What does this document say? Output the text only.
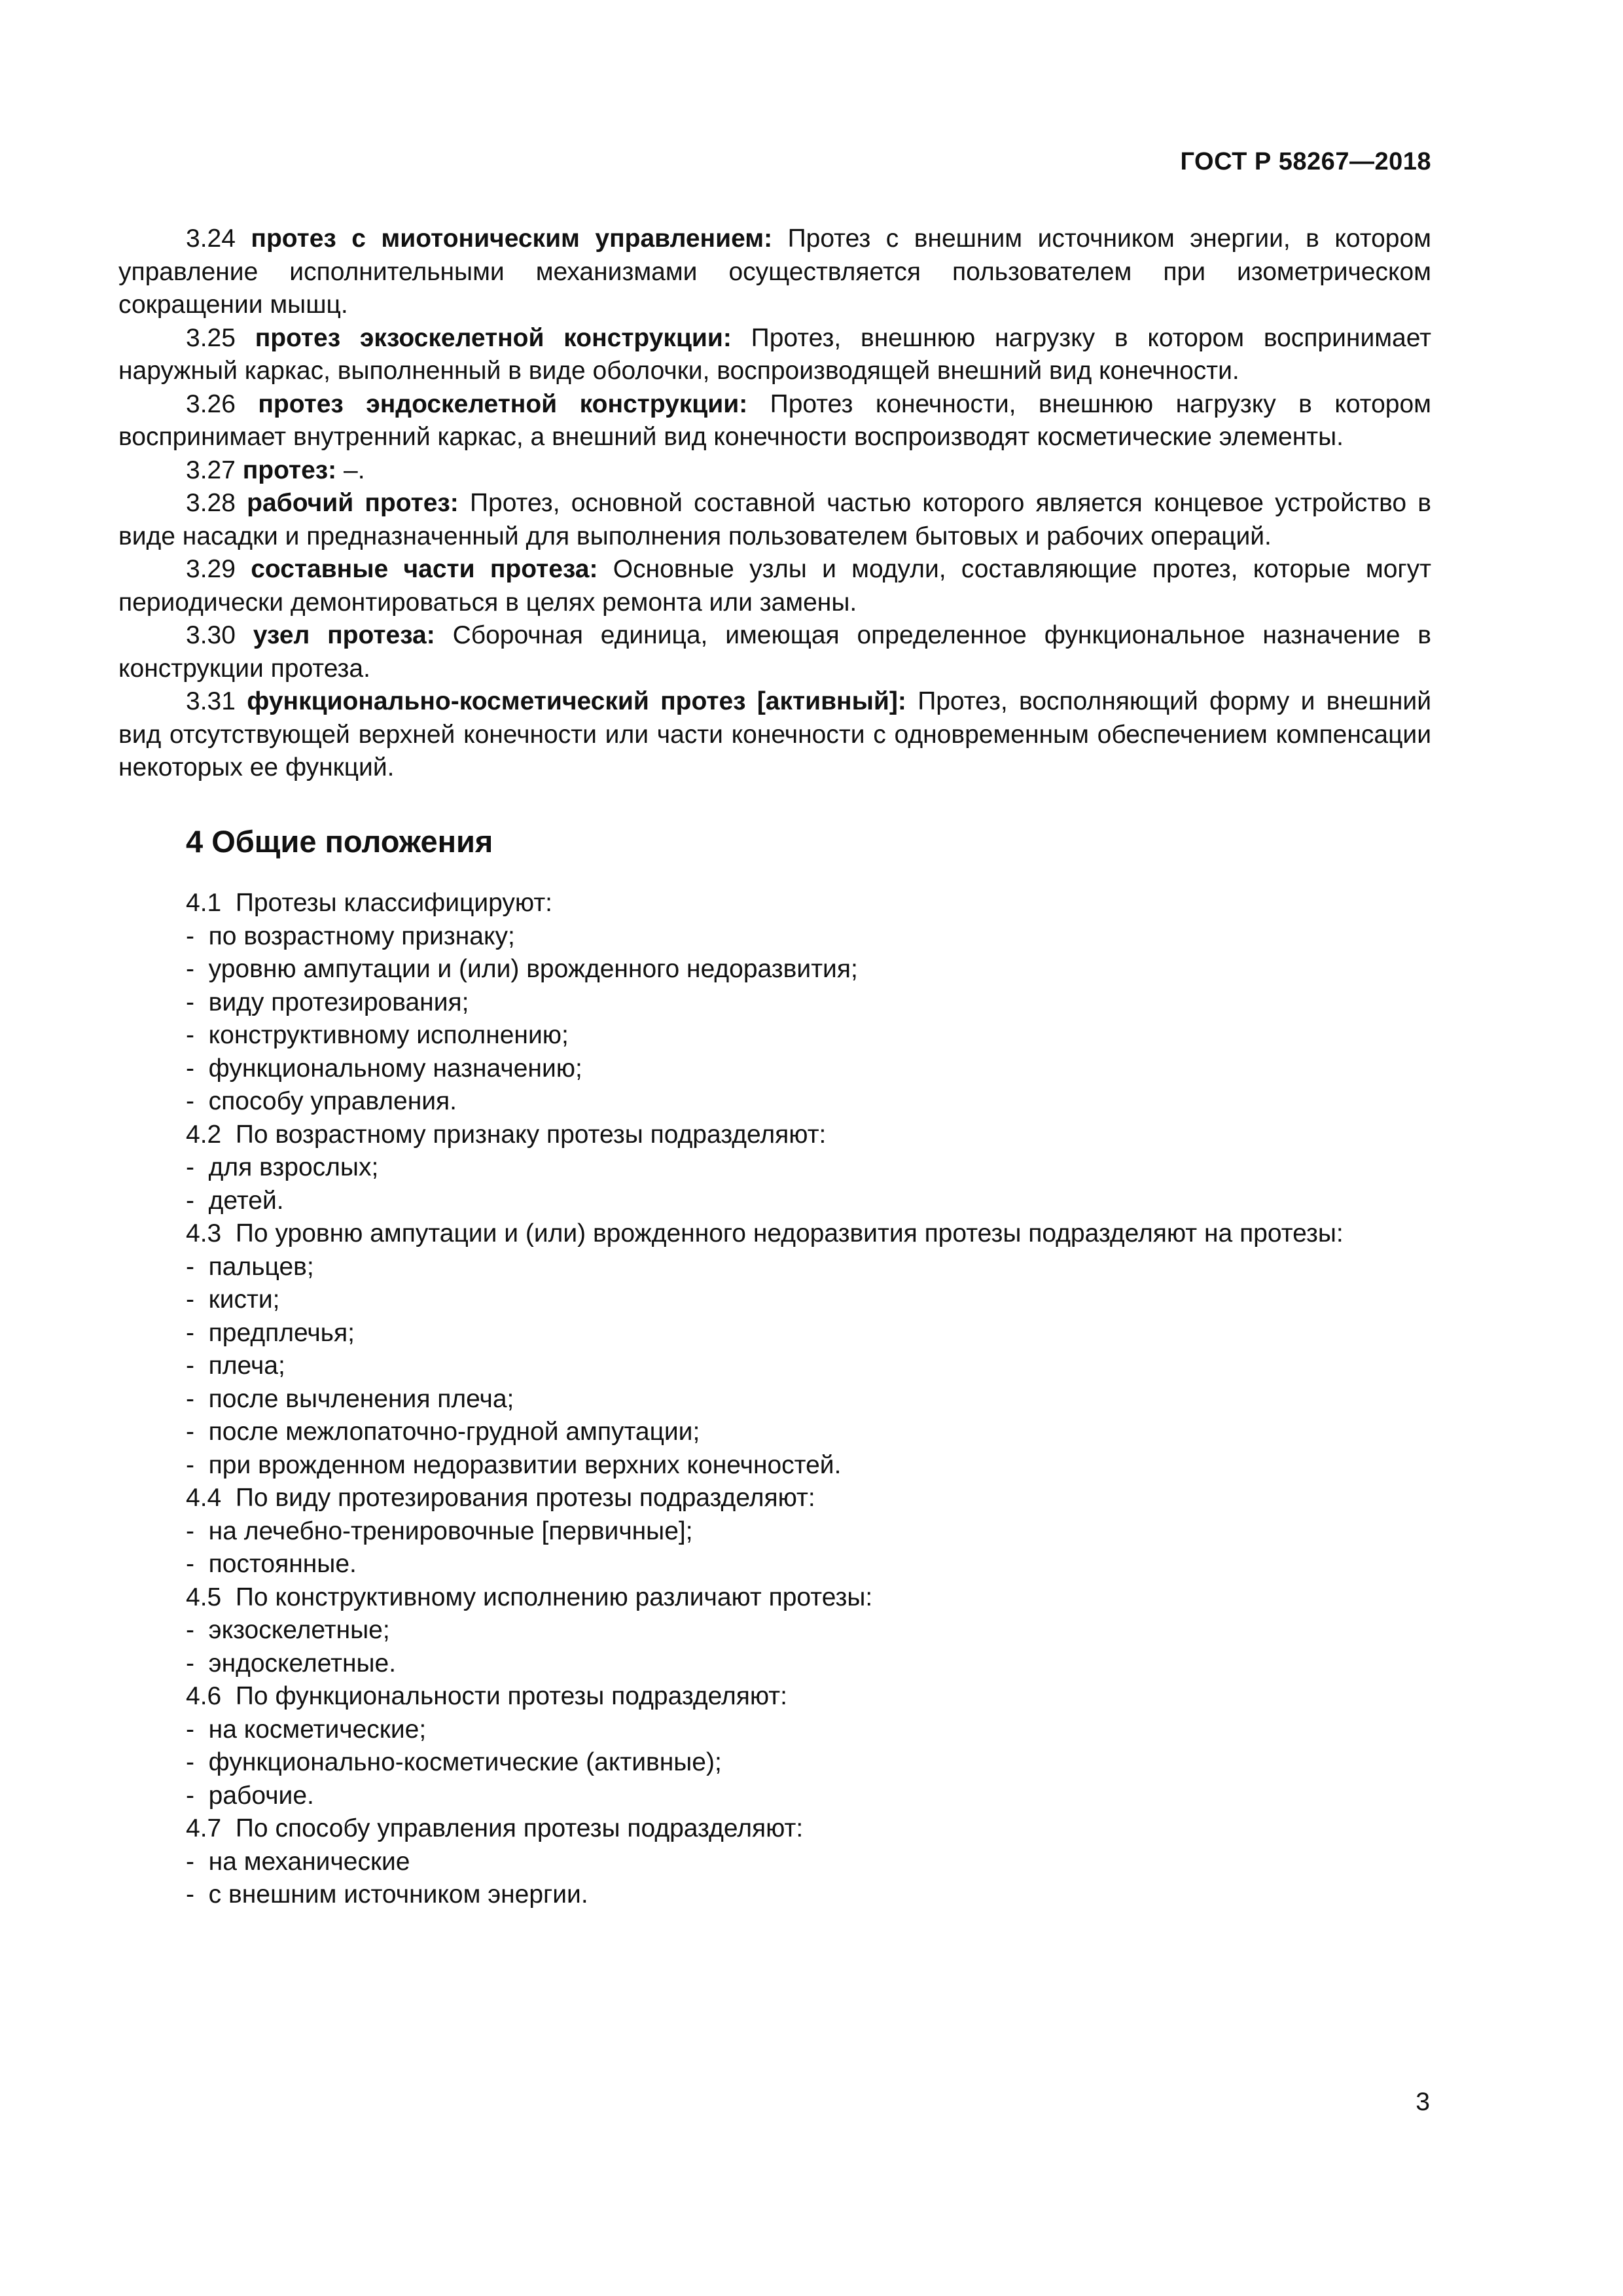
ГОСТ Р 58267—2018

3.24 протез с миотоническим управлением: Протез с внешним источником энергии, в котором управление исполнительными механизмами осуществляется пользователем при изометрическом сокращении мышц.

3.25 протез экзоскелетной конструкции: Протез, внешнюю нагрузку в котором воспринимает наружный каркас, выполненный в виде оболочки, воспроизводящей внешний вид конечности.

3.26 протез эндоскелетной конструкции: Протез конечности, внешнюю нагрузку в котором воспринимает внутренний каркас, а внешний вид конечности воспроизводят косметические элементы.

3.27 протез: –.

3.28 рабочий протез: Протез, основной составной частью которого является концевое устройство в виде насадки и предназначенный для выполнения пользователем бытовых и рабочих операций.

3.29 составные части протеза: Основные узлы и модули, составляющие протез, которые могут периодически демонтироваться в целях ремонта или замены.

3.30 узел протеза: Сборочная единица, имеющая определенное функциональное назначение в конструкции протеза.

3.31 функционально-косметический протез [активный]: Протез, восполняющий форму и внешний вид отсутствующей верхней конечности или части конечности с одновременным обеспечением компенсации некоторых ее функций.

4 Общие положения

4.1 Протезы классифицируют:

-  по возрастному признаку;

-  уровню ампутации и (или) врожденного недоразвития;

-  виду протезирования;

-  конструктивному исполнению;

-  функциональному назначению;

-  способу управления.

4.2 По возрастному признаку протезы подразделяют:

-  для взрослых;

-  детей.

4.3 По уровню ампутации и (или) врожденного недоразвития протезы подразделяют на протезы:

-  пальцев;

-  кисти;

-  предплечья;

-  плеча;

-  после вычленения плеча;

-  после межлопаточно-грудной ампутации;

-  при врожденном недоразвитии верхних конечностей.

4.4 По виду протезирования протезы подразделяют:

-  на лечебно-тренировочные [первичные];

-  постоянные.

4.5 По конструктивному исполнению различают протезы:

-  экзоскелетные;

-  эндоскелетные.

4.6 По функциональности протезы подразделяют:

-  на косметические;

-  функционально-косметические (активные);

-  рабочие.

4.7 По способу управления протезы подразделяют:

-  на механические

-  с внешним источником энергии.

3
